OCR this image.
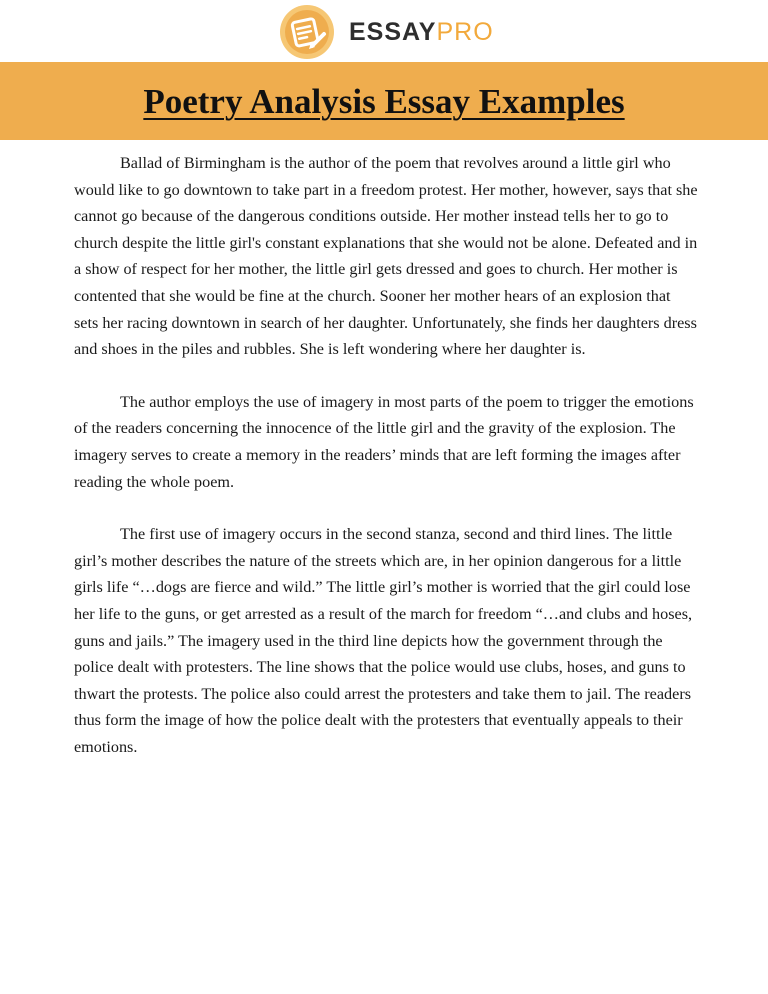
ESSAYPRO
Poetry Analysis Essay Examples

Ballad of Birmingham is the author of the poem that revolves around a little girl who would like to go downtown to take part in a freedom protest. Her mother, however, says that she cannot go because of the dangerous conditions outside. Her mother instead tells her to go to church despite the little girl's constant explanations that she would not be alone. Defeated and in a show of respect for her mother, the little girl gets dressed and goes to church. Her mother is contented that she would be fine at the church. Sooner her mother hears of an explosion that sets her racing downtown in search of her daughter. Unfortunately, she finds her daughters dress and shoes in the piles and rubbles. She is left wondering where her daughter is.

The author employs the use of imagery in most parts of the poem to trigger the emotions of the readers concerning the innocence of the little girl and the gravity of the explosion. The imagery serves to create a memory in the readers’ minds that are left forming the images after reading the whole poem.

The first use of imagery occurs in the second stanza, second and third lines. The little girl’s mother describes the nature of the streets which are, in her opinion dangerous for a little girls life “…dogs are fierce and wild.” The little girl’s mother is worried that the girl could lose her life to the guns, or get arrested as a result of the march for freedom “…and clubs and hoses, guns and jails.” The imagery used in the third line depicts how the government through the police dealt with protesters. The line shows that the police would use clubs, hoses, and guns to thwart the protests. The police also could arrest the protesters and take them to jail. The readers thus form the image of how the police dealt with the protesters that eventually appeals to their emotions.
